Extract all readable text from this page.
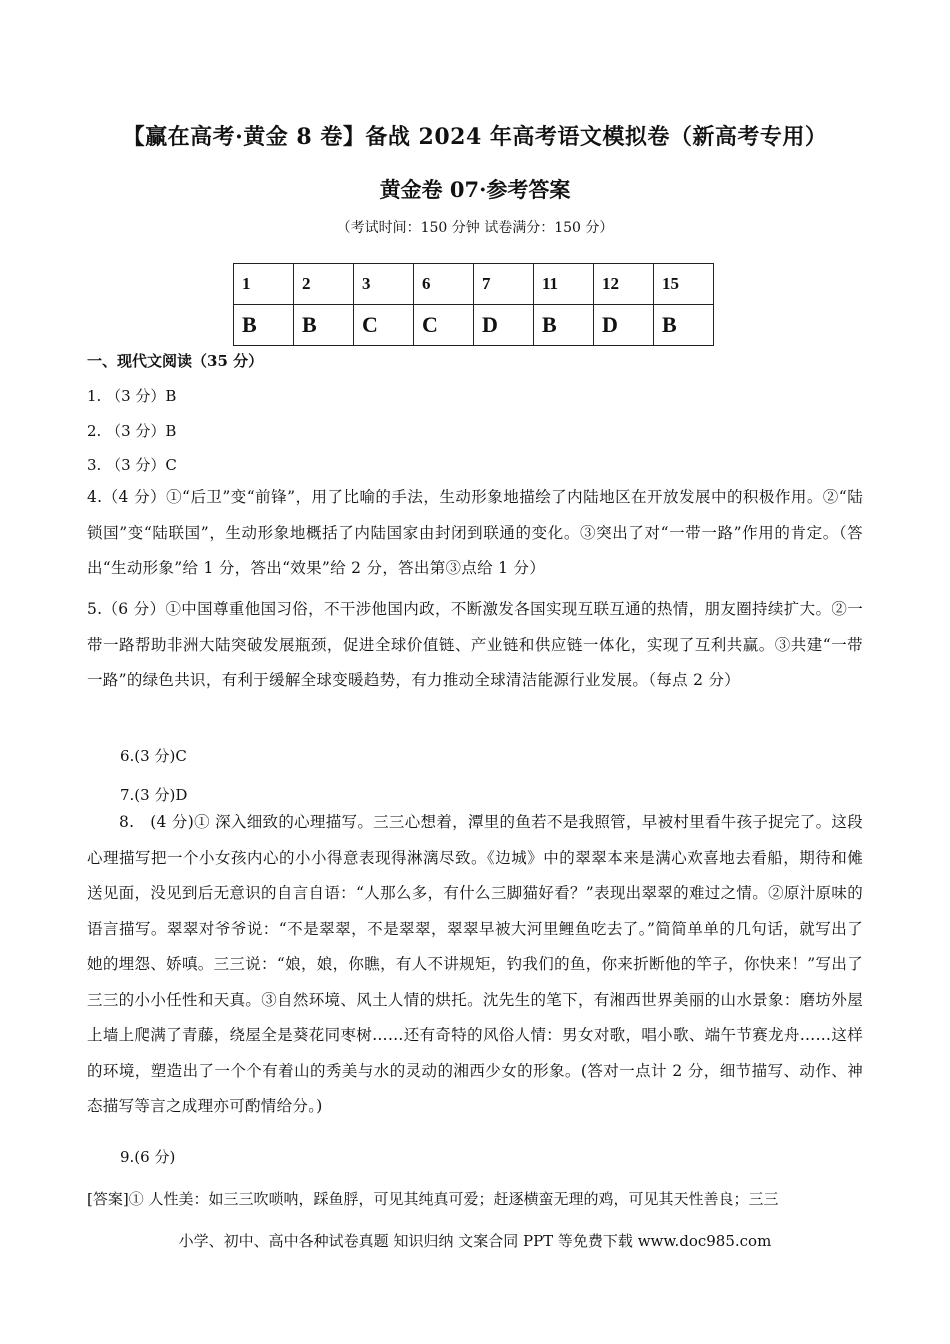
【赢在高考·黄金 8 卷】备战 2024 年高考语文模拟卷（新高考专用）
黄金卷 07·参考答案
（考试时间：150 分钟 试卷满分：150 分）
1	2	3	6	7	11	12	15
B	B	C	C	D	B	D	B
一、现代文阅读（35 分）
1. （3 分）B
2. （3 分）B
3. （3 分）C
4.（4 分）①“后卫”变“前锋”，用了比喻的手法，生动形象地描绘了内陆地区在开放发展中的积极作用。②“陆锁国”变“陆联国”，生动形象地概括了内陆国家由封闭到联通的变化。③突出了对“一带一路”作用的肯定。（答出“生动形象”给 1 分，答出“效果”给 2 分，答出第③点给 1 分）
5.（6 分）①中国尊重他国习俗，不干涉他国内政，不断激发各国实现互联互通的热情，朋友圈持续扩大。②一带一路帮助非洲大陆突破发展瓶颈，促进全球价值链、产业链和供应链一体化，实现了互利共赢。③共建“一带一路”的绿色共识，有利于缓解全球变暖趋势，有力推动全球清洁能源行业发展。（每点 2 分）
6.(3 分)C
7.(3 分)D
8.　(4 分)① 深入细致的心理描写。三三心想着，潭里的鱼若不是我照管，早被村里看牛孩子捉完了。这段心理描写把一个小女孩内心的小小得意表现得淋漓尽致。《边城》中的翠翠本来是满心欢喜地去看船，期待和傩送见面，没见到后无意识的自言自语：“人那么多，有什么三脚猫好看？”表现出翠翠的难过之情。②原汁原味的语言描写。翠翠对爷爷说：“不是翠翠，不是翠翠，翠翠早被大河里鲤鱼吃去了。”简简单单的几句话，就写出了她的埋怨、娇嗔。三三说：“娘，娘，你瞧，有人不讲规矩，钓我们的鱼，你来折断他的竿子，你快来！”写出了三三的小小任性和天真。③自然环境、风土人情的烘托。沈先生的笔下，有湘西世界美丽的山水景象：磨坊外屋上墙上爬满了青藤，绕屋全是葵花同枣树……还有奇特的风俗人情：男女对歌，唱小歌、端午节赛龙舟……这样的环境，塑造出了一个个有着山的秀美与水的灵动的湘西少女的形象。(答对一点计 2 分，细节描写、动作、神态描写等言之成理亦可酌情给分。)
9.(6 分)
[答案]① 人性美：如三三吹唢呐，踩鱼脬，可见其纯真可爱；赶逐横蛮无理的鸡，可见其天性善良；三三
小学、初中、高中各种试卷真题 知识归纳 文案合同 PPT 等免费下载 www.doc985.com
